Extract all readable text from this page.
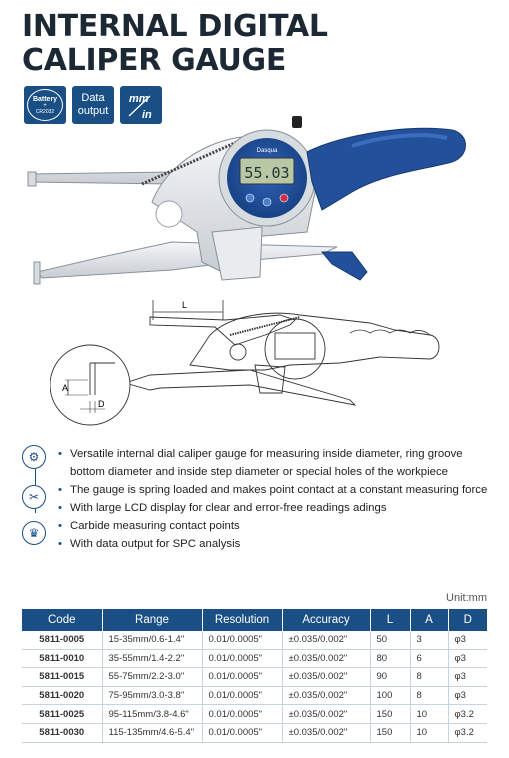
INTERNAL DIGITAL
CALIPER GAUGE
Battery
+
CR2032
Data
output
mm
in
55.03
Dasqua
L
A
D
⚙
✂
♛
• Versatile internal dial caliper gauge for measuring inside diameter, ring groove bottom diameter and inside step diameter or special holes of the workpiece
• The gauge is spring loaded and makes point contact at a constant measuring force
• With large LCD display for clear and error-free readings adings
• Carbide measuring contact points
• With data output for SPC analysis
Unit:mm
Code	Range	Resolution	Accuracy	L	A	D
5811-0005	15-35mm/0.6-1.4"	0.01/0.0005"	±0.035/0.002"	50	3	φ3
5811-0010	35-55mm/1.4-2.2"	0.01/0.0005"	±0.035/0.002"	80	6	φ3
5811-0015	55-75mm/2.2-3.0"	0.01/0.0005"	±0.035/0.002"	90	8	φ3
5811-0020	75-95mm/3.0-3.8"	0.01/0.0005"	±0.035/0.002"	100	8	φ3
5811-0025	95-115mm/3.8-4.6"	0.01/0.0005"	±0.035/0.002"	150	10	φ3.2
5811-0030	115-135mm/4.6-5.4"	0.01/0.0005"	±0.035/0.002"	150	10	φ3.2
